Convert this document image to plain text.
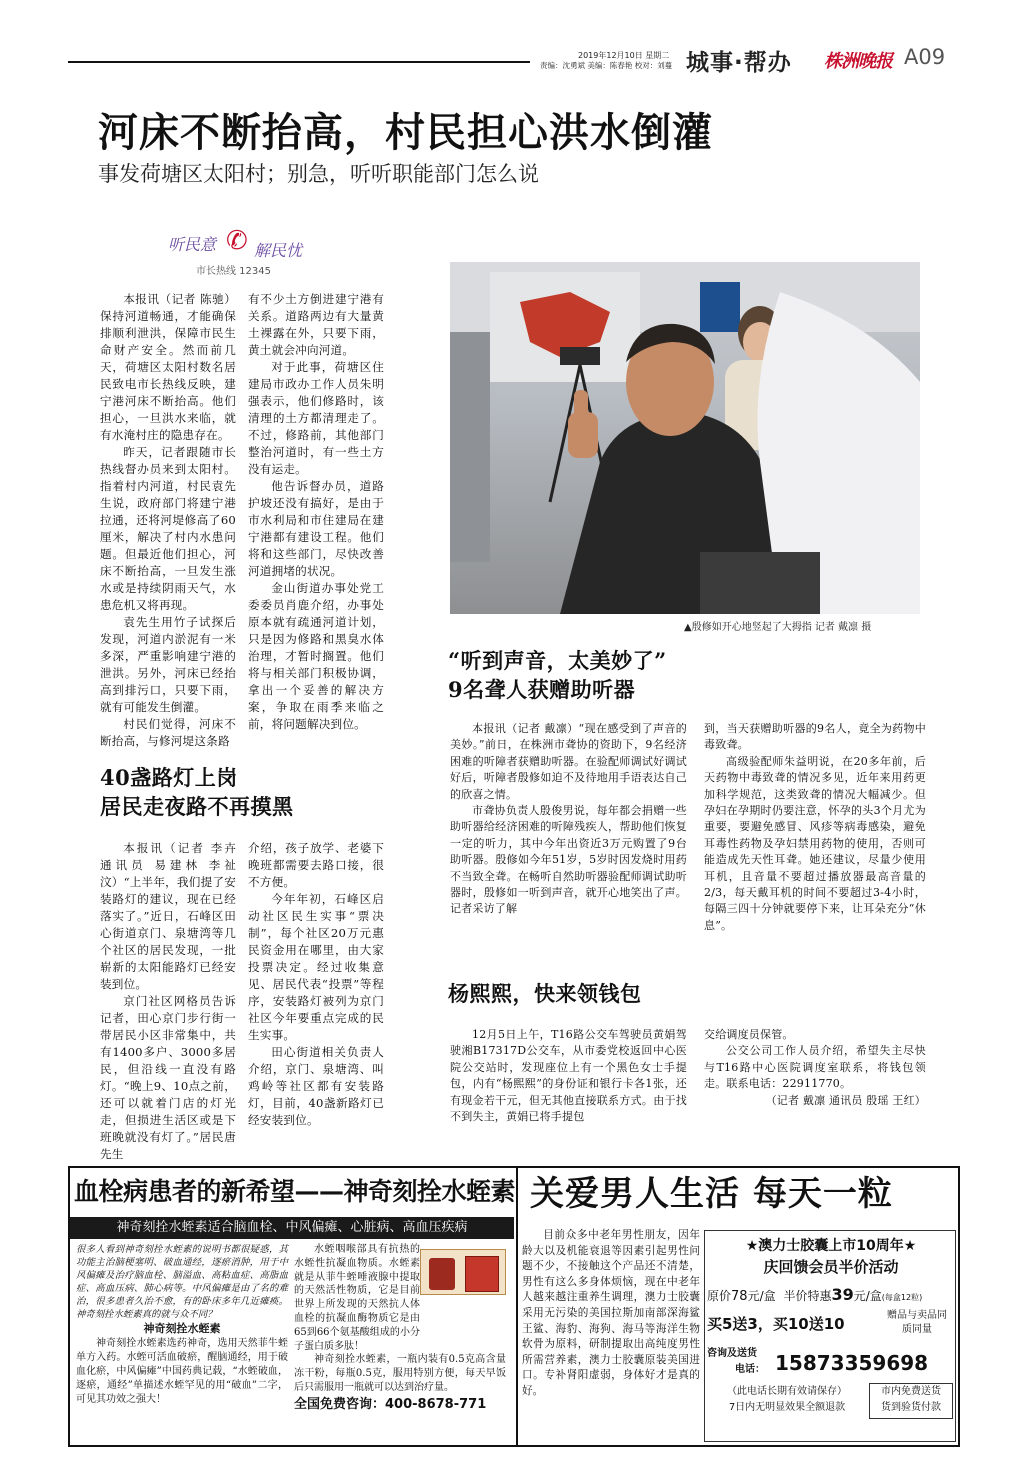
2019年12月10日 星期二
责编：沈勇斌 美编：陈春艳 校对：刘蔓 城事·帮办 株洲晚报 A09
河床不断抬高，村民担心洪水倒灌
事发荷塘区太阳村；别急，听听职能部门怎么说
听民意 ✆ 解民忧
市长热线 12345

本报讯（记者 陈驰）保持河道畅通，才能确保排顺利泄洪，保障市民生命财产安全。然而前几天，荷塘区太阳村数名居民致电市长热线反映，建宁港河床不断抬高。他们担心，一旦洪水来临，就有水淹村庄的隐患存在。

昨天，记者跟随市长热线督办员来到太阳村。指着村内河道，村民袁先生说，政府部门将建宁港拉通，还将河堤修高了60厘米，解决了村内水患问题。但最近他们担心，河床不断抬高，一旦发生涨水或是持续阴雨天气，水患危机又将再现。

袁先生用竹子试探后发现，河道内淤泥有一米多深，严重影响建宁港的泄洪。另外，河床已经抬高到排污口，只要下雨，就有可能发生倒灌。

村民们觉得，河床不断抬高，与修河堤这条路

有不少土方倒进建宁港有关系。道路两边有大量黄土裸露在外，只要下雨，黄土就会冲向河道。

对于此事，荷塘区住建局市政办工作人员朱明强表示，他们修路时，该清理的土方都清理走了。不过，修路前，其他部门整治河道时，有一些土方没有运走。

他告诉督办员，道路护坡还没有搞好，是由于市水利局和市住建局在建宁港都有建设工程。他们将和这些部门，尽快改善河道拥堵的状况。

金山街道办事处党工委委员肖鹿介绍，办事处原本就有疏通河道计划，只是因为修路和黑臭水体治理，才暂时搁置。他们将与相关部门积极协调，拿出一个妥善的解决方案，争取在雨季来临之前，将问题解决到位。

▲殷修如开心地竖起了大拇指 记者 戴凛 摄
“听到声音，太美妙了”
9名聋人获赠助听器

本报讯（记者 戴凛）“现在感受到了声音的美妙。”前日，在株洲市聋协的资助下，9名经济困难的听障者获赠助听器。在验配师调试好调试好后，听障者殷修如迫不及待地用手语表达自己的欣喜之情。

市聋协负责人殷俊男说，每年都会捐赠一些助听器给经济困难的听障残疾人，帮助他们恢复一定的听力，其中今年出资近3万元购置了9台助听器。殷修如今年51岁，5岁时因发烧时用药不当致全聋。在畅听自然助听器验配师调试助听器时，殷修如一听到声音，就开心地笑出了声。记者采访了解

到，当天获赠助听器的9名人，竟全为药物中毒致聋。

高级验配师朱益明说，在20多年前，后天药物中毒致聋的情况多见，近年来用药更加科学规范，这类致聋的情况大幅减少。但孕妇在孕期时仍要注意，怀孕的头3个月尤为重要，要避免感冒、风疹等病毒感染，避免耳毒性药物及孕妇禁用药物的使用，否则可能造成先天性耳聋。她还建议，尽量少使用耳机，且音量不要超过播放器最高音量的2/3，每天戴耳机的时间不要超过3-4小时，每隔三四十分钟就要停下来，让耳朵充分“休息”。

40盏路灯上岗
居民走夜路不再摸黑

本报讯（记者 李卉 通讯员 易建林 李祉汶）“上半年，我们提了安装路灯的建议，现在已经落实了。”近日，石峰区田心街道京门、泉塘湾等几个社区的居民发现，一批崭新的太阳能路灯已经安装到位。

京门社区网格员告诉记者，田心京门步行街一带居民小区非常集中，共有1400多户、3000多居民，但沿线一直没有路灯。“晚上9、10点之前，还可以就着门店的灯光走，但损进生活区或是下班晚就没有灯了。”居民唐先生

介绍，孩子放学、老婆下晚班都需要去路口接，很不方便。

今年年初，石峰区启动社区民生实事“票决制”，每个社区20万元惠民资金用在哪里，由大家投票决定。经过收集意见、居民代表“投票”等程序，安装路灯被列为京门社区今年要重点完成的民生实事。

田心街道相关负责人介绍，京门、泉塘湾、叫鸡岭等社区都有安装路灯，目前，40盏新路灯已经安装到位。

杨熙熙，快来领钱包

12月5日上午，T16路公交车驾驶员黄娟驾驶湘B17317D公交车，从市委党校返回中心医院公交站时，发现座位上有一个黑色女士手提包，内有“杨熙熙”的身份证和银行卡各1张，还有现金若干元，但无其他直接联系方式。由于找不到失主，黄娟已将手提包

交给调度员保管。

公交公司工作人员介绍，希望失主尽快与T16路中心医院调度室联系，将钱包领走。联系电话：22911770。

（记者 戴凛 通讯员 殷瑶 王红）

血栓病患者的新希望——神奇刻拴水蛭素
神奇刻拴水蛭素适合脑血栓、中风偏瘫、心脏病、高血压疾病
很多人看到神奇刻拴水蛭素的说明书都很疑惑，其功能主治脑梗塞明、破血通经，逐瘀消肿，用于中风偏瘫及治疗脑血栓、脑溢血、高粘血症、高脂血症、高血压病、肺心病等。中风偏瘫是由了名的难治，很多患者久治不愈，有的卧床多年几近瘫痪。神奇刻拴水蛭素真的就与众不同？
神奇刻拴水蛭素
神奇刻拴水蛭素选药神奇，选用天然菲牛蛭单方入药。水蛭可活血破瘀，醒脑通经，用于破血化瘀，中风偏瘫”中国药典记载，“水蛭破血，逐瘀，通经”单描述水蛭罕见的用“破血”二字，可见其功效之强大！
水蛭咽喉部具有抗热的水蛭性抗凝血物质。水蛭素就是从菲牛蛭唾液腺中提取的天然活性物质，它是目前世界上所发现的天然抗人体血栓的抗凝血酶物质它是由65到66个氨基酸组成的小分子蛋白质多肽！
神奇刻拴水蛭素，一瓶内装有0.5克高含量冻干粉，每瓶0.5克，服用特别方便，每天早饭后只需服用一瓶就可以达到治疗量。
全国免费咨询：400-8678-771
关爱男人生活 每天一粒
目前众多中老年男性朋友，因年龄大以及机能衰退等因素引起男性问题不少，不接触这个产品还不清楚，男性有这么多身体烦恼，现在中老年人越来越注重养生调理，澳力士胶囊采用无污染的美国拉斯加南部深海鲨王鲨、海豹、海狗、海马等海洋生物软骨为原料，研制提取出高纯度男性所需营养素，澳力士胶囊原装美国进口。专补肾阳虚弱，身体好才是真的好。
★澳力士胶囊上市10周年★
庆回馈会员半价活动
原价78元/盒 半价特惠39元/盒(每盒12粒)
买5送3，买10送10	赠品与卖品同质同量
咨询及送货
电话： 15873359698
（此电话长期有效请保存）
7日内无明显效果全额退款
市内免费送货
货到验货付款
